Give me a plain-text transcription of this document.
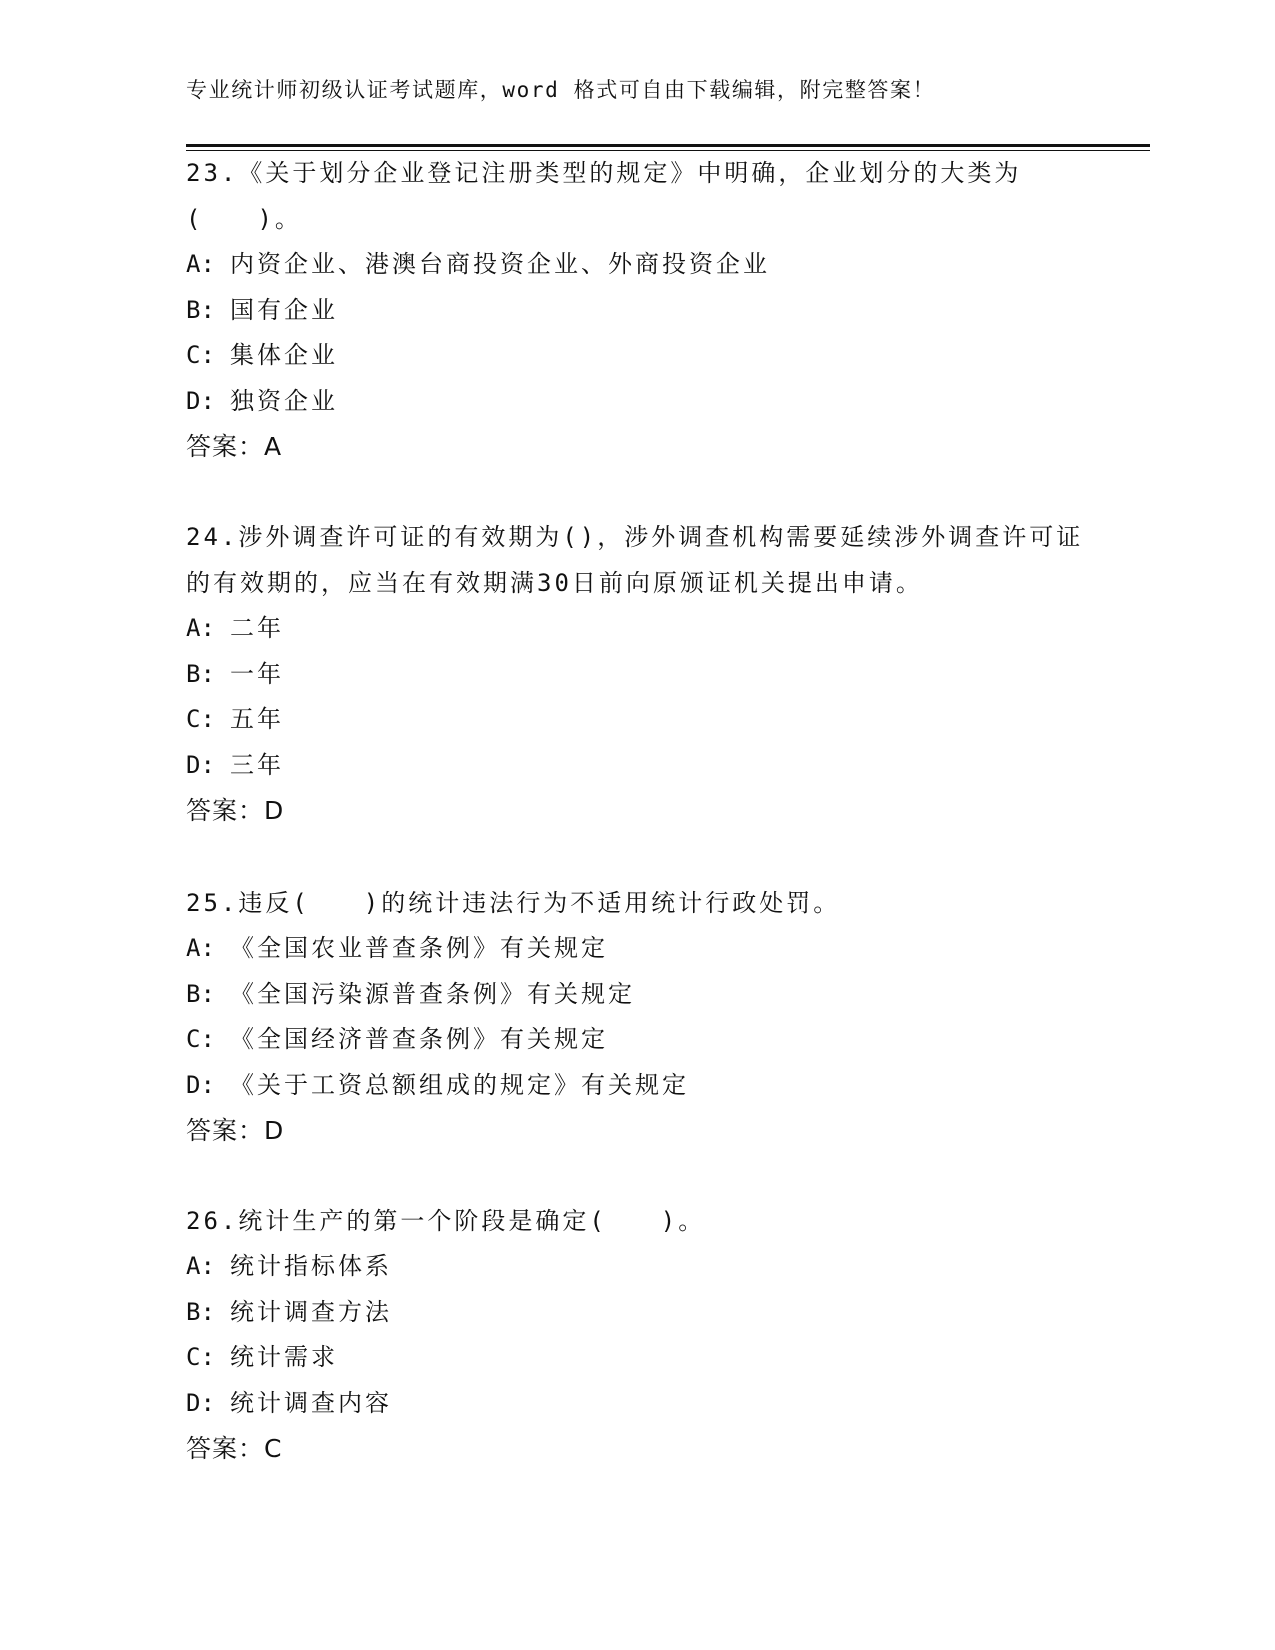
专业统计师初级认证考试题库，word 格式可自由下载编辑，附完整答案！

23.《关于划分企业登记注册类型的规定》中明确，企业划分的大类为(　　)。

A: 内资企业、港澳台商投资企业、外商投资企业
B: 国有企业
C: 集体企业
D: 独资企业
答案：A

24.涉外调查许可证的有效期为()，涉外调查机构需要延续涉外调查许可证的有效期的，应当在有效期满30日前向原颁证机关提出申请。

A: 二年
B: 一年
C: 五年
D: 三年
答案：D

25.违反(　　)的统计违法行为不适用统计行政处罚。

A: 《全国农业普查条例》有关规定
B: 《全国污染源普查条例》有关规定
C: 《全国经济普查条例》有关规定
D: 《关于工资总额组成的规定》有关规定
答案：D

26.统计生产的第一个阶段是确定(　　)。

A: 统计指标体系
B: 统计调查方法
C: 统计需求
D: 统计调查内容
答案：C
